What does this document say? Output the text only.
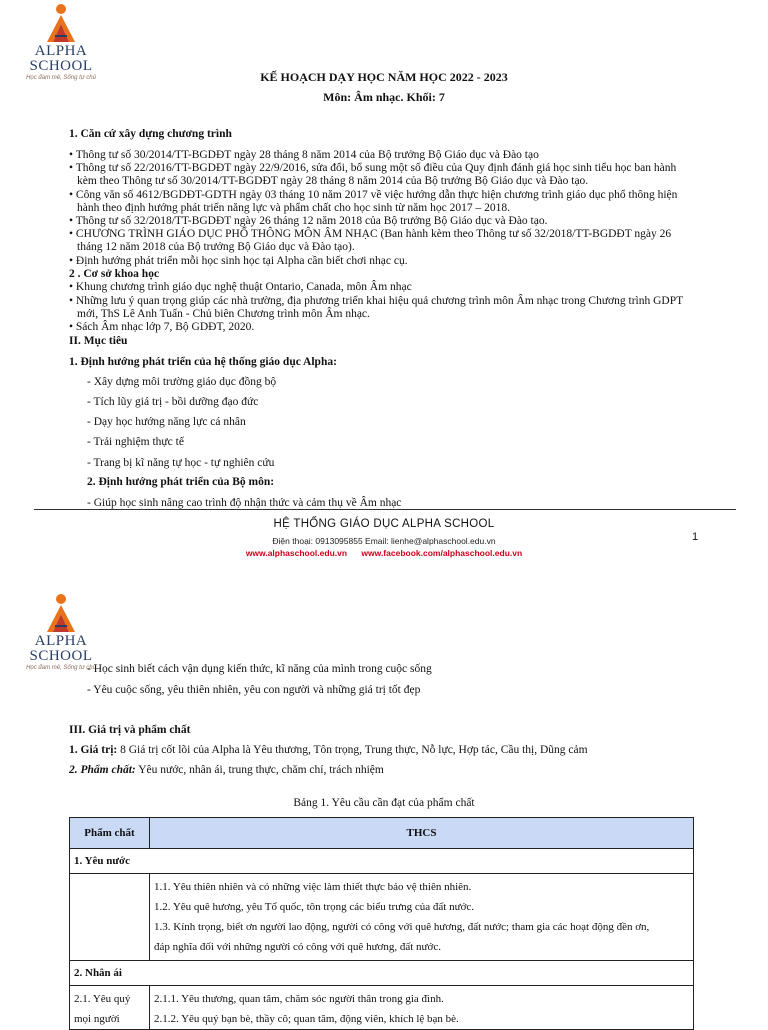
ALPHA SCHOOL
Học đam mê, Sống tự chủ	KẾ HOẠCH DẠY HỌC NĂM HỌC 2022 - 2023
Môn: Âm nhạc. Khối: 7
1. Căn cứ xây dựng chương trình
• Thông tư số 30/2014/TT-BGDĐT ngày 28 tháng 8 năm 2014 của Bộ trưởng Bộ Giáo dục và Đào tạo
• Thông tư số 22/2016/TT-BGDĐT ngày 22/9/2016, sửa đổi, bổ sung một số điều của Quy định đánh giá học sinh tiểu học ban hành
kèm theo Thông tư số 30/2014/TT-BGDĐT ngày 28 tháng 8 năm 2014 của Bộ trưởng Bộ Giáo dục và Đào tạo.
• Công văn số 4612/BGDĐT-GDTH ngày 03 tháng 10 năm 2017 về việc hướng dẫn thực hiện chương trình giáo dục phổ thông hiện
hành theo định hướng phát triển năng lực và phẩm chất cho học sinh từ năm học 2017 – 2018.
• Thông tư số 32/2018/TT-BGDĐT ngày 26 tháng 12 năm 2018 của Bộ trưởng Bộ Giáo dục và Đào tạo.
• CHƯƠNG TRÌNH GIÁO DỤC PHỔ THÔNG MÔN ÂM NHẠC (Ban hành kèm theo Thông tư số 32/2018/TT-BGDĐT ngày 26
tháng 12 năm 2018 của Bộ trưởng Bộ Giáo dục và Đào tạo).
• Định hướng phát triển mỗi học sinh học tại Alpha cần biết chơi nhạc cụ.
2 . Cơ sở khoa học
• Khung chương trình giáo dục nghệ thuật Ontario, Canada, môn Âm nhạc
• Những lưu ý quan trọng giúp các nhà trường, địa phương triển khai hiệu quả chương trình môn Âm nhạc trong Chương trình GDPT
mới, ThS Lê Anh Tuấn - Chủ biên Chương trình môn Âm nhạc.
• Sách Âm nhạc lớp 7, Bộ GDĐT, 2020.
II. Mục tiêu
1. Định hướng phát triển của hệ thống giáo dục Alpha:
- Xây dựng môi trường giáo dục đồng bộ
- Tích lũy giá trị - bồi dưỡng đạo đức
- Dạy học hướng năng lực cá nhân
- Trải nghiệm thực tế
- Trang bị kĩ năng tự học - tự nghiên cứu
2. Định hướng phát triển của Bộ môn:
- Giúp học sinh nâng cao trình độ nhận thức và cảm thụ về Âm nhạc
HỆ THỐNG GIÁO DỤC ALPHA SCHOOL
Điện thoại: 0913095855 Email: lienhe@alphaschool.edu.vn
www.alphaschool.edu.vn www.facebook.com/alphaschool.edu.vn
1
ALPHA SCHOOL
Học đam mê, Sống tự chủ
- Học sinh biết cách vận dụng kiến thức, kĩ năng của mình trong cuộc sống
- Yêu cuộc sống, yêu thiên nhiên, yêu con người và những giá trị tốt đẹp
III. Giá trị và phẩm chất
1. Giá trị: 8 Giá trị cốt lõi của Alpha là Yêu thương, Tôn trọng, Trung thực, Nỗ lực, Hợp tác, Cầu thị, Dũng cảm
2. Phẩm chất: Yêu nước, nhân ái, trung thực, chăm chỉ, trách nhiệm
Bảng 1. Yêu cầu cần đạt của phẩm chất
Phẩm chất	THCS
1. Yêu nước	

	1.1. Yêu thiên nhiên và có những việc làm thiết thực bảo vệ thiên nhiên.
1.2. Yêu quê hương, yêu Tổ quốc, tôn trọng các biểu trưng của đất nước.
1.3. Kính trọng, biết ơn người lao động, người có công với quê hương, đất nước; tham gia các hoạt động đền ơn,
đáp nghĩa đối với những người có công với quê hương, đất nước.

2. Nhân ái	

2.1. Yêu quý
mọi người	2.1.1. Yêu thương, quan tâm, chăm sóc người thân trong gia đình.
2.1.2. Yêu quý bạn bè, thầy cô; quan tâm, động viên, khích lệ bạn bè.
